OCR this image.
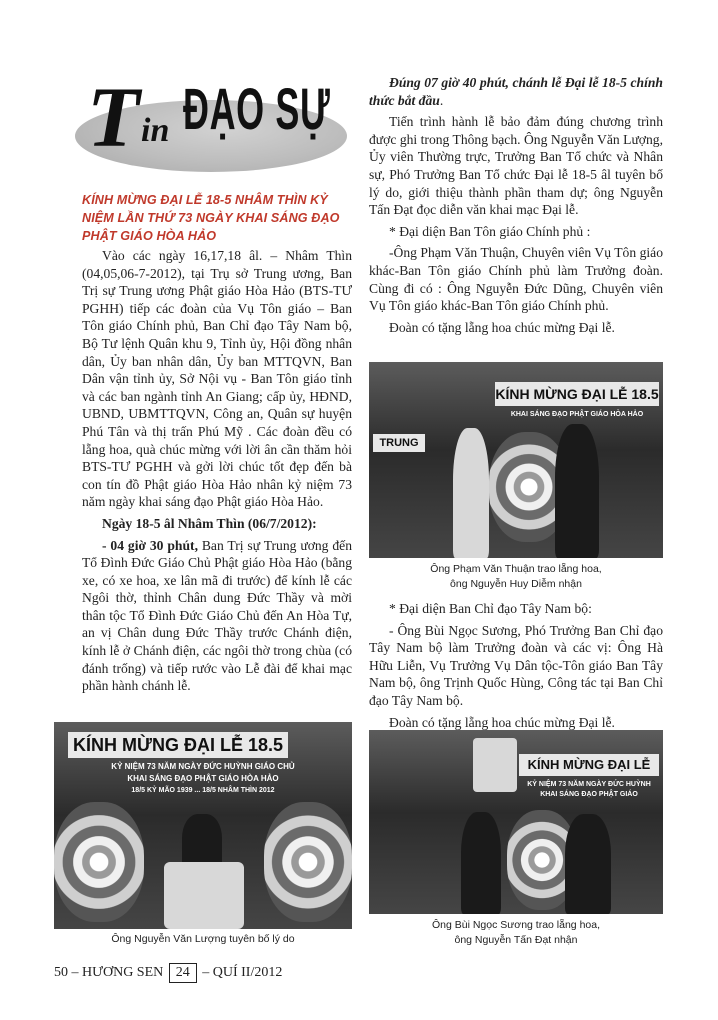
T in ĐẠO SỰ
KÍNH MỪNG ĐẠI LỄ 18-5 NHÂM THÌN KỶ NIỆM LẦN THỨ 73 NGÀY KHAI SÁNG ĐẠO PHẬT GIÁO HÒA HẢO

Vào các ngày 16,17,18 âl. – Nhâm Thìn (04,05,06-7-2012), tại Trụ sở Trung ương, Ban Trị sự Trung ương Phật giáo Hòa Hảo (BTS-TƯ PGHH) tiếp các đoàn của Vụ Tôn giáo – Ban Tôn giáo Chính phủ, Ban Chỉ đạo Tây Nam bộ, Bộ Tư lệnh Quân khu 9, Tỉnh ủy, Hội đồng nhân dân, Ủy ban nhân dân, Ủy ban MTTQVN, Ban Dân vận tỉnh ủy, Sở Nội vụ - Ban Tôn giáo tỉnh và các ban ngành tỉnh An Giang; cấp ủy, HĐND, UBND, UBMTTQVN, Công an, Quân sự huyện Phú Tân và thị trấn Phú Mỹ . Các đoàn đều có lẵng hoa, quà chúc mừng với lời ân cần thăm hỏi BTS-TƯ PGHH và gởi lời chúc tốt đẹp đến bà con tín đồ Phật giáo Hòa Hảo nhân kỷ niệm 73 năm ngày khai sáng đạo Phật giáo Hòa Hảo.

Ngày 18-5 âl Nhâm Thìn (06/7/2012):

- 04 giờ 30 phút, Ban Trị sự Trung ương đến Tổ Đình Đức Giáo Chủ Phật giáo Hòa Hảo (bằng xe, có xe hoa, xe lân mã đi trước) để kính lễ các Ngôi thờ, thỉnh Chân dung Đức Thầy và mời thân tộc Tổ Đình Đức Giáo Chủ đến An Hòa Tự, an vị Chân dung Đức Thầy trước Chánh điện, kính lễ ở Chánh điện, các ngôi thờ trong chùa (có đánh trống) và tiếp rước vào Lễ đài để khai mạc phần hành chánh lễ.

KÍNH MỪNG ĐẠI LỄ 18.5
KỶ NIỆM 73 NĂM NGÀY ĐỨC HUỲNH GIÁO CHỦ
KHAI SÁNG ĐẠO PHẬT GIÁO HÒA HẢO
18/5 KỶ MÃO 1939 ... 18/5 NHÂM THÌN 2012
Ông Nguyễn Văn Lượng tuyên bố lý do

Đúng 07 giờ 40 phút, chánh lễ Đại lễ 18-5 chính thức bắt đầu.

Tiến trình hành lễ bảo đảm đúng chương trình được ghi trong Thông bạch. Ông Nguyễn Văn Lượng, Ủy viên Thường trực, Trưởng Ban Tổ chức và Nhân sự, Phó Trưởng Ban Tổ chức Đại lễ 18-5 âl tuyên bố lý do, giới thiệu thành phần tham dự; ông Nguyễn Tấn Đạt đọc diễn văn khai mạc Đại lễ.

* Đại diện Ban Tôn giáo Chính phủ :

-Ông Phạm Văn Thuận, Chuyên viên Vụ Tôn giáo khác-Ban Tôn giáo Chính phủ làm Trưởng đoàn. Cùng đi có : Ông Nguyễn Đức Dũng, Chuyên viên Vụ Tôn giáo khác-Ban Tôn giáo Chính phủ.

Đoàn có tặng lẵng hoa chúc mừng Đại lễ.

KÍNH MỪNG ĐẠI LỄ 18.5
KHAI SÁNG ĐẠO PHẬT GIÁO HÒA HẢO
TRUNG
Ông Phạm Văn Thuận trao lẵng hoa,
ông Nguyễn Huy Diễm nhận

* Đại diện Ban Chỉ đạo Tây Nam bộ:

- Ông Bùi Ngọc Sương, Phó Trưởng Ban Chỉ đạo Tây Nam bộ làm Trưởng đoàn và các vị: Ông Hà Hữu Liễn, Vụ Trưởng Vụ Dân tộc-Tôn giáo Ban Tây Nam bộ, ông Trịnh Quốc Hùng, Công tác tại Ban Chỉ đạo Tây Nam bộ.

Đoàn có tặng lẵng hoa chúc mừng Đại lễ.

KÍNH MỪNG ĐẠI LỄ
KỶ NIỆM 73 NĂM NGÀY ĐỨC HUỲNH
KHAI SÁNG ĐẠO PHẬT GIÁO
Ông Bùi Ngọc Sương trao lẵng hoa,
ông Nguyễn Tấn Đạt nhận
50 – HƯƠNG SEN 24 – QUÍ II/2012
